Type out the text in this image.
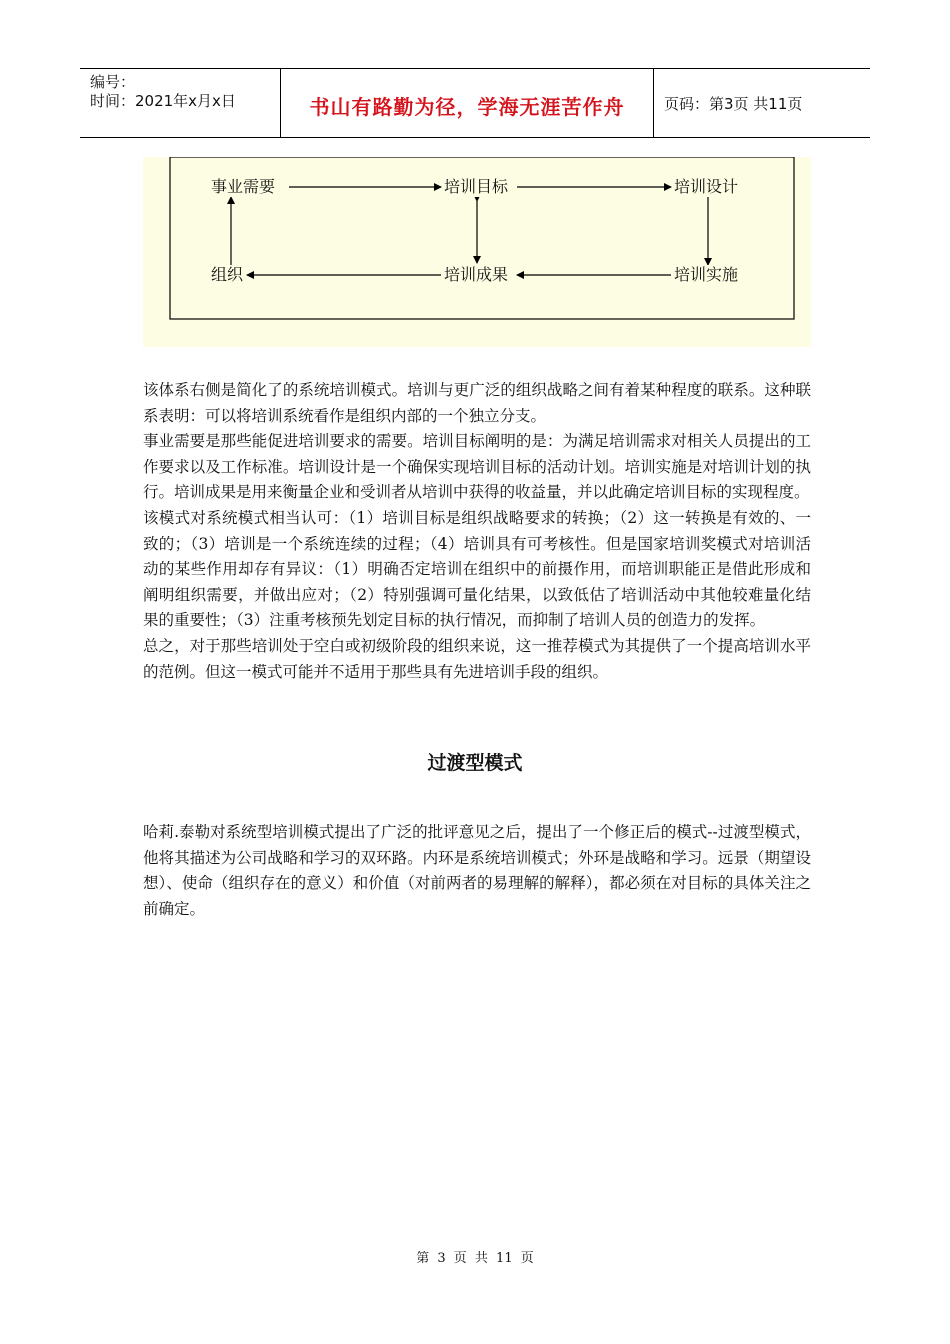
编号：
时间：2021年x月x日	书山有路勤为径，学海无涯苦作舟	页码：第3页 共11页
事业需要	培训目标	培训设计
组织	培训成果	培训实施

该体系右侧是简化了的系统培训模式。培训与更广泛的组织战略之间有着某种程度的联系。这种联系表明：可以将培训系统看作是组织内部的一个独立分支。

事业需要是那些能促进培训要求的需要。培训目标阐明的是：为满足培训需求对相关人员提出的工作要求以及工作标准。培训设计是一个确保实现培训目标的活动计划。培训实施是对培训计划的执行。培训成果是用来衡量企业和受训者从培训中获得的收益量，并以此确定培训目标的实现程度。

该模式对系统模式相当认可：（1）培训目标是组织战略要求的转换；（2）这一转换是有效的、一致的；（3）培训是一个系统连续的过程；（4）培训具有可考核性。但是国家培训奖模式对培训活动的某些作用却存有异议：（1）明确否定培训在组织中的前摄作用，而培训职能正是借此形成和阐明组织需要，并做出应对；（2）特别强调可量化结果，以致低估了培训活动中其他较难量化结果的重要性；（3）注重考核预先划定目标的执行情况，而抑制了培训人员的创造力的发挥。

总之，对于那些培训处于空白或初级阶段的组织来说，这一推荐模式为其提供了一个提高培训水平的范例。但这一模式可能并不适用于那些具有先进培训手段的组织。

过渡型模式

哈莉.泰勒对系统型培训模式提出了广泛的批评意见之后，提出了一个修正后的模式--过渡型模式，他将其描述为公司战略和学习的双环路。内环是系统培训模式；外环是战略和学习。远景（期望设想）、使命（组织存在的意义）和价值（对前两者的易理解的解释），都必须在对目标的具体关注之前确定。

第 3 页 共 11 页
